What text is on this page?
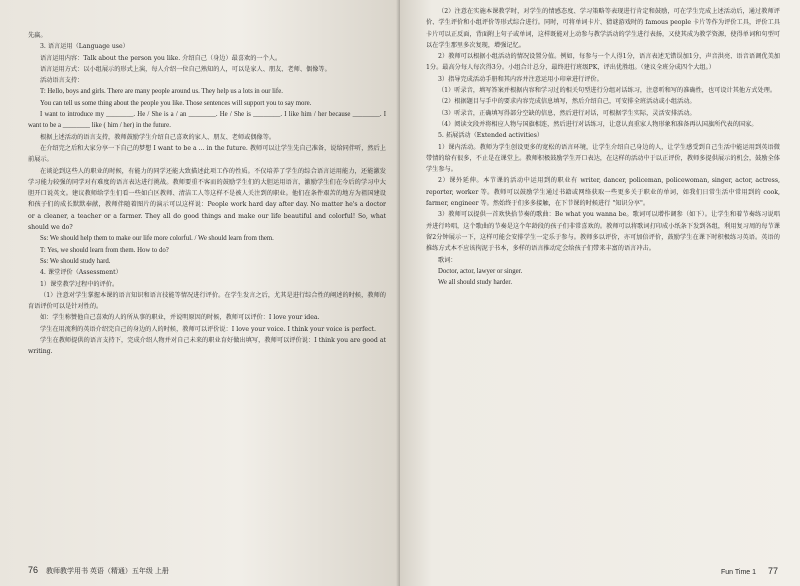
先赢。

3. 语言运用（Language use）

语言运用内容：Talk about the person you like. 介绍自己（身边）最喜欢的一个人。

语言运用方式：以小组展示的形式上演，每人介绍一位自己熟知的人，可以是家人、朋友、老师、偶像等。

活动语言支持：

T: Hello, boys and girls. There are many people around us. They help us a lots in our life.

You can tell us some thing about the people you like. Those sentences will support you to say more.

I want to introduce my ________. He / She is a / an ________. He / She is ________. I like him / her because ________. I want to be a ________ like ( him / her) in the future.

根据上述活动的语言支持，教师鼓励学生介绍自己喜欢的家人、朋友、老师或偶像等。

在介绍完之后和大家分享一下自己的梦想 I want to be a ... in the future. 教师可以让学生先自己准备，说给同伴听，然后上前展示。

在谈论到这些人的职业的时候，有能力的同学还能大致描述此项工作的性质。不仅培养了学生的综合语言运用能力，还能激发学习能力较强的同学对有难度的语言表达进行挑战。教师要重不客而的鼓励学生们的大胆运用语言，激励学生们在今后的学习中大胆开口说英文。建议教师给学生们看一些如白区教师、清洁工人等这样不是被人关注到的职业。他们在条件艰苦的地方为祖国建设和孩子们的成长默默奉献，教师伴随着图片的演示可以这样说：People work hard day after day. No matter he's a doctor or a cleaner, a teacher or a farmer. They all do good things and make our life beautiful and colorful! So, what should we do?

Ss: We should help them to make our life more colorful. / We should learn from them.

T: Yes, we should learn from them. How to do?

Ss: We should study hard.

4. 课堂评价（Assessment）

1）课堂教学过程中的评价。

（1）注意对学生掌握本课的语言知识和语言技能等情况进行评价。在学生发言之后，尤其是进行综合性的阐述的时候，教师的育语评价可以是针对性的。

如：学生称赞他自己喜欢的人的所从事的职业，并说明原因的时候，教师可以评价：I love your idea.

学生在用流利的英语介绍完自己的身边的人的时候，教师可以评价说：I love your voice. I think your voice is perfect.

学生在教师提供的语言支持下，完成介绍人物并对自己未来的职业育好做出填写，教师可以评价说：I think you are good at writing.

76 教师教学用书 英语（精通）五年级 上册

（2）注意在实施本课教学时，对学生的情感态度、学习策略等表现进行肯定和鼓励，可在学生完成上述活动后，通过教师评价、学生评价和小组评价等形式综合进行。同时，可将单词卡片、猜谜游戏时的 famous people 卡片等作为评价工具，评价工具卡片可以正反面，背面附上句子或单词，这样既能对上动参与教学活动的学生进行表扬，又使其成为教学资源，使得单词和句型可以在学生那里多次复现，增强记忆。

2）教师可以根据小组活动的情况设置分值。例如，每参与一个人得1分，语言表述无错误加1分，声音洪亮、语音语调优美加1分。最高分每人每次得3分。小组合计总分，最终进行班级PK，评出优胜组。（建议全班分成四个大组。）

3）指导完成活动手册和其内容并注意运用小印章进行评价。

（1）听录音，填写答案并根据内容和学习过的相关句型进行分组对话练习，注意听和写的准确性，也可设计其他方式处理。

（2）根据题目与手中的要求内容完成信息填写，然后介绍自己，可安排全班活动或小组活动。

（3）听录音，正确填写得部分空缺的信息，然后进行对话，可根据学生实际，灵活安排活动。

（4）阅读文段并将相应人物与国旗相连，然后进行对话练习，让意认真重家人物形象和准备再认国旗所代表的国家。

5. 拓展活动（Extended activities）

1）课内活动。教师为学生创设更多的宽松的语言环境，让学生介绍自己身边的人，让学生感受到自己生活中能运用到英语微带情的给有很多，不止是在课堂上。教师积极鼓励学生开口表达，在这样的活动中于以正评价，教师多提供展示的机会，鼓励全体学生参与。

2）课外延伸。本节课的活动中运用到的职业有 writer, dancer, policeman, policewoman, singer, actor, actress, reporter, worker 等。教师可以鼓励学生通过书籍或网络获取一些更多关于职业的单词，如我们日常生活中常用到的 cook, farmer, engineer 等。然始终于们多多接触，在下节课的时候进行 "知识分享"。

3）教师可以提供一首欢快拾节奏的歌曲：Be what you wanna be。歌词可以增作调参（如下）。让学生和着节奏练习说唱并进行吟唱，这个歌曲的节奏是这个年龄段的孩子们非常喜欢的。教师可以将歌词打印成小纸条下发到各组，利用复习周的每节课留2分钟展示一下，这样可能会安排学生一定乐于参与。教师多以评价，亦可加倍评价，鼓励学生在课下时积极练习英语。英语的推练方式本不应该拘泥于书本，多样的语言推动定会给孩子们带来丰富的语言冲击。

歌词：

Doctor, actor, lawyer or singer.

We all should study harder.

Fun Time 1 77
